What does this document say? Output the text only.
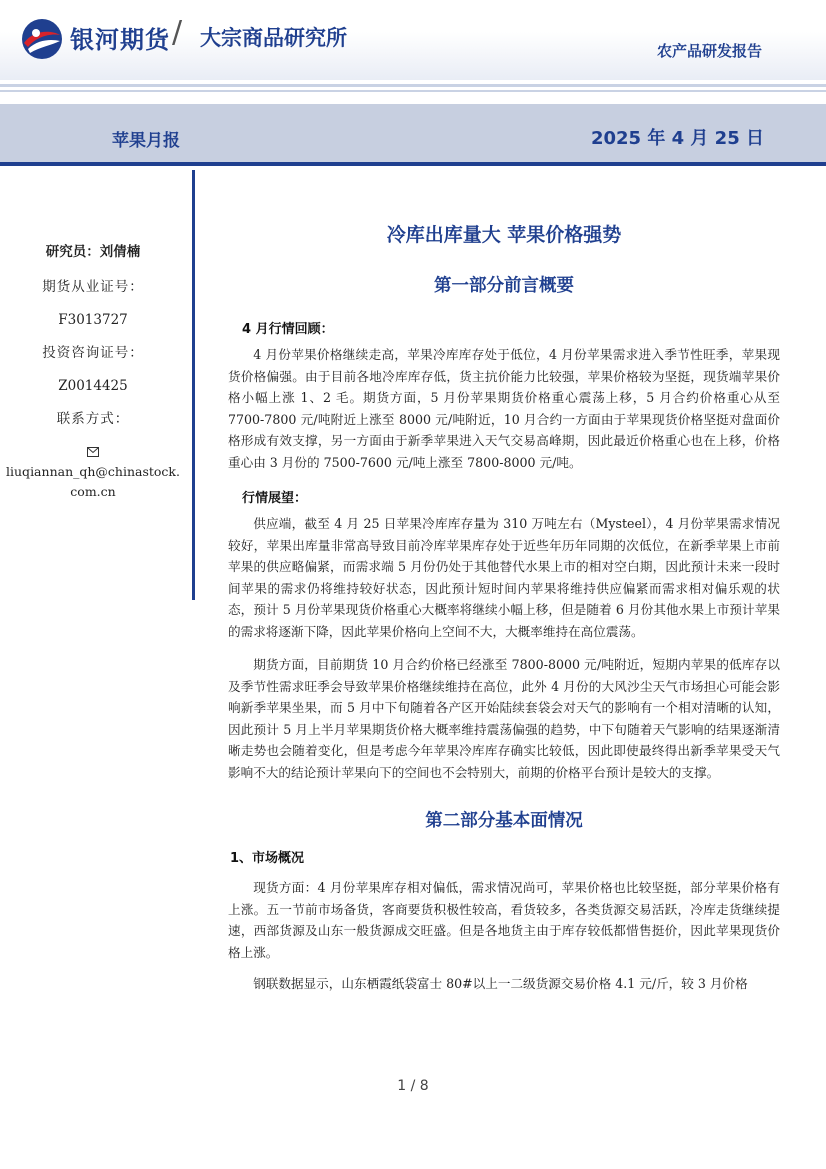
银河期货 / 大宗商品研究所
农产品研发报告
苹果月报	2025 年 4 月 25 日
研究员：刘倩楠
期货从业证号：
F3013727
投资咨询证号：
Z0014425
联系方式：
liuqiannan_qh@chinastock.
com.cn
冷库出库量大 苹果价格强势
第一部分前言概要
4 月行情回顾：

4 月份苹果价格继续走高，苹果冷库库存处于低位，4 月份苹果需求进入季节性旺季，苹果现货价格偏强。由于目前各地冷库库存低，货主抗价能力比较强，苹果价格较为坚挺，现货端苹果价格小幅上涨 1、2 毛。期货方面，5 月份苹果期货价格重心震荡上移，5 月合约价格重心从至 7700-7800 元/吨附近上涨至 8000 元/吨附近，10 月合约一方面由于苹果现货价格坚挺对盘面价格形成有效支撑，另一方面由于新季苹果进入天气交易高峰期，因此最近价格重心也在上移，价格重心由 3 月份的 7500-7600 元/吨上涨至 7800-8000 元/吨。

行情展望：

供应端，截至 4 月 25 日苹果冷库库存量为 310 万吨左右（Mysteel），4 月份苹果需求情况较好，苹果出库量非常高导致目前冷库苹果库存处于近些年历年同期的次低位，在新季苹果上市前苹果的供应略偏紧，而需求端 5 月份仍处于其他替代水果上市的相对空白期，因此预计未来一段时间苹果的需求仍将维持较好状态，因此预计短时间内苹果将维持供应偏紧而需求相对偏乐观的状态，预计 5 月份苹果现货价格重心大概率将继续小幅上移，但是随着 6 月份其他水果上市预计苹果的需求将逐渐下降，因此苹果价格向上空间不大，大概率维持在高位震荡。

期货方面，目前期货 10 月合约价格已经涨至 7800-8000 元/吨附近，短期内苹果的低库存以及季节性需求旺季会导致苹果价格继续维持在高位，此外 4 月份的大风沙尘天气市场担心可能会影响新季苹果坐果，而 5 月中下旬随着各产区开始陆续套袋会对天气的影响有一个相对清晰的认知，因此预计 5 月上半月苹果期货价格大概率维持震荡偏强的趋势，中下旬随着天气影响的结果逐渐清晰走势也会随着变化，但是考虑今年苹果冷库库存确实比较低，因此即使最终得出新季苹果受天气影响不大的结论预计苹果向下的空间也不会特别大，前期的价格平台预计是较大的支撑。

第二部分基本面情况
1、市场概况

现货方面：4 月份苹果库存相对偏低，需求情况尚可，苹果价格也比较坚挺，部分苹果价格有上涨。五一节前市场备货，客商要货积极性较高，看货较多，各类货源交易活跃，冷库走货继续提速，西部货源及山东一般货源成交旺盛。但是各地货主由于库存较低都惜售挺价，因此苹果现货价格上涨。

钢联数据显示，山东栖霞纸袋富士 80#以上一二级货源交易价格 4.1 元/斤，较 3 月价格

1 / 8
